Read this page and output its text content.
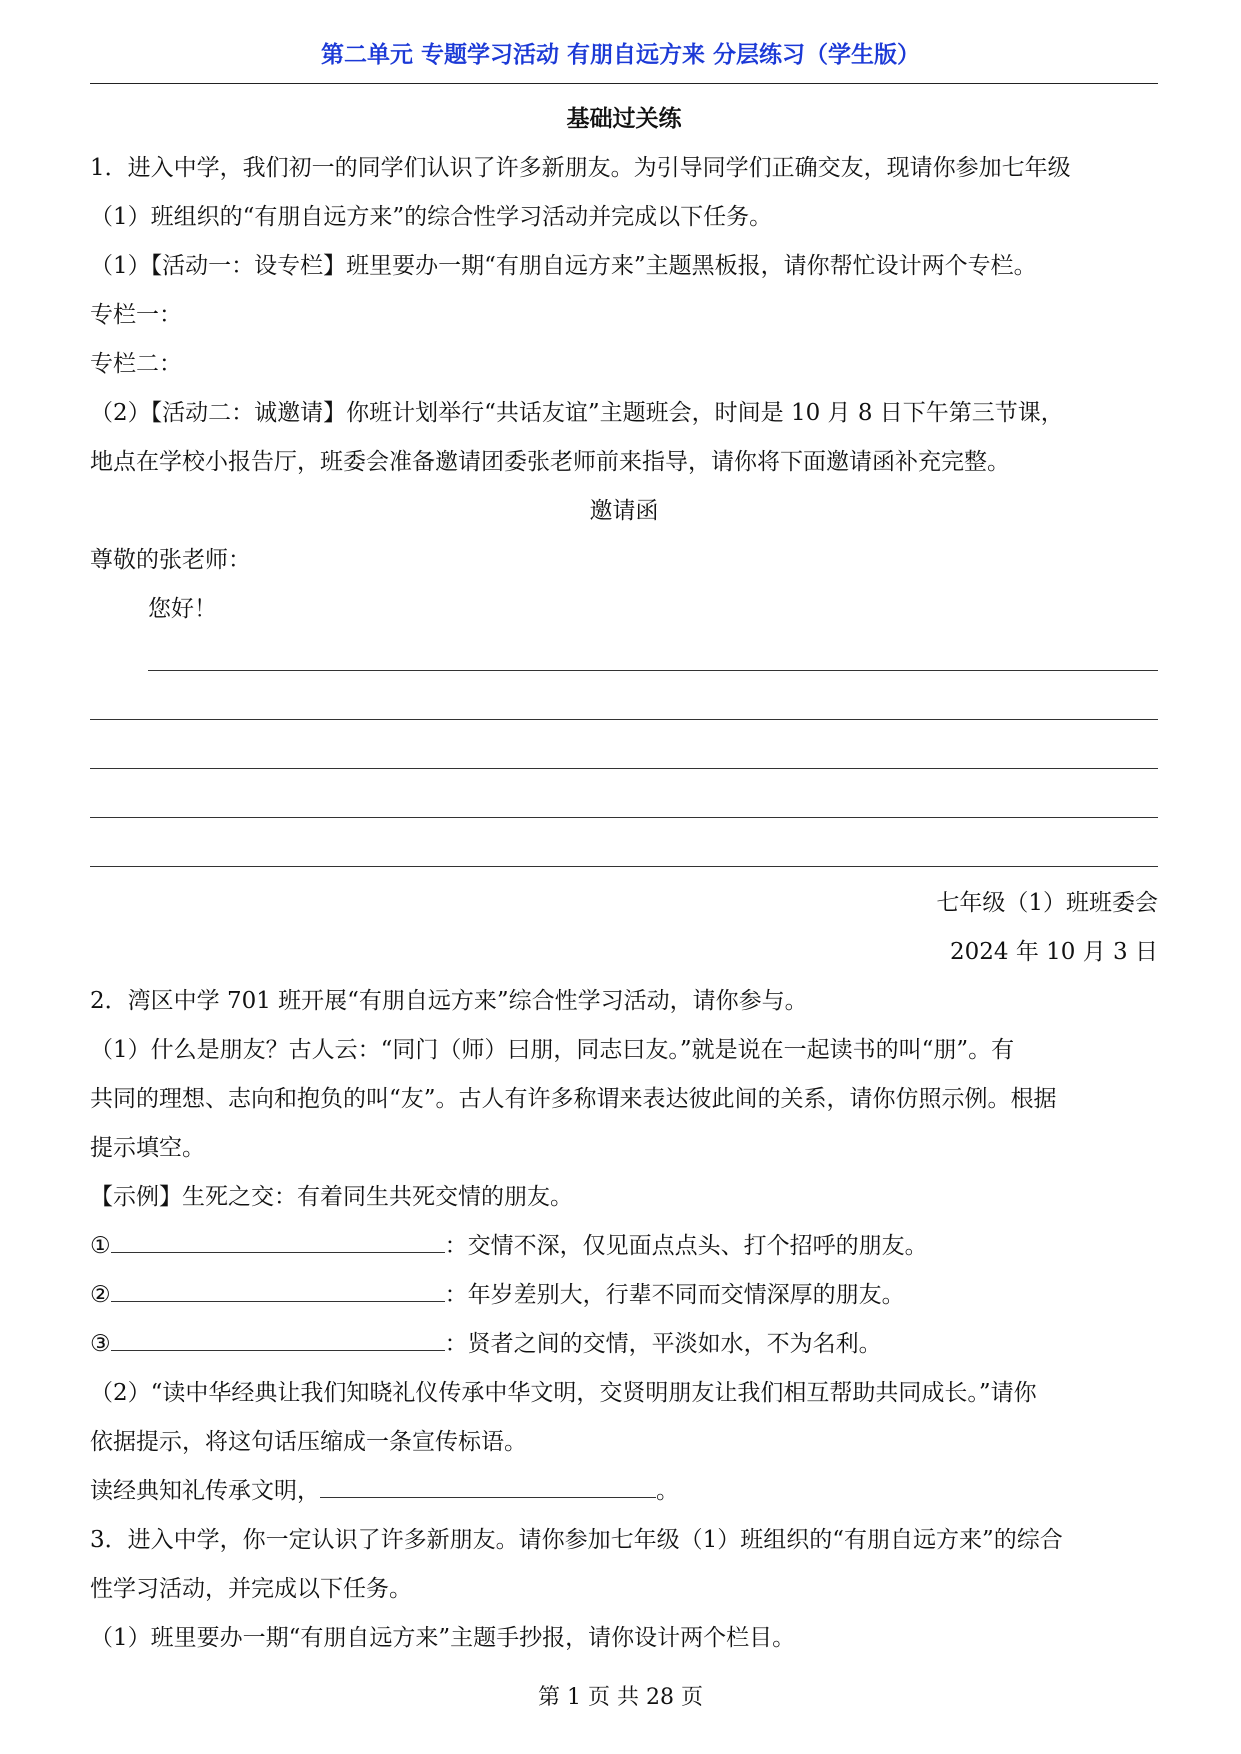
第二单元 专题学习活动 有朋自远方来 分层练习（学生版）
基础过关练
1．进入中学，我们初一的同学们认识了许多新朋友。为引导同学们正确交友，现请你参加七年级
（1）班组织的“有朋自远方来”的综合性学习活动并完成以下任务。
（1）【活动一：设专栏】班里要办一期“有朋自远方来”主题黑板报，请你帮忙设计两个专栏。
专栏一：
专栏二：
（2）【活动二：诚邀请】你班计划举行“共话友谊”主题班会，时间是 10 月 8 日下午第三节课，
地点在学校小报告厅，班委会准备邀请团委张老师前来指导，请你将下面邀请函补充完整。
邀请函
尊敬的张老师：
您好！
七年级（1）班班委会
2024 年 10 月 3 日
2．湾区中学 701 班开展“有朋自远方来”综合性学习活动，请你参与。
（1）什么是朋友？古人云：“同门（师）曰朋，同志曰友。”就是说在一起读书的叫“朋”。有
共同的理想、志向和抱负的叫“友”。古人有许多称谓来表达彼此间的关系，请你仿照示例。根据
提示填空。
【示例】生死之交：有着同生共死交情的朋友。
①	：交情不深，仅见面点点头、打个招呼的朋友。
②	：年岁差别大，行辈不同而交情深厚的朋友。
③	：贤者之间的交情，平淡如水，不为名利。
（2）“读中华经典让我们知晓礼仪传承中华文明，交贤明朋友让我们相互帮助共同成长。”请你
依据提示，将这句话压缩成一条宣传标语。
读经典知礼传承文明，	。
3．进入中学，你一定认识了许多新朋友。请你参加七年级（1）班组织的“有朋自远方来”的综合
性学习活动，并完成以下任务。
（1）班里要办一期“有朋自远方来”主题手抄报，请你设计两个栏目。
第 1 页 共 28 页
